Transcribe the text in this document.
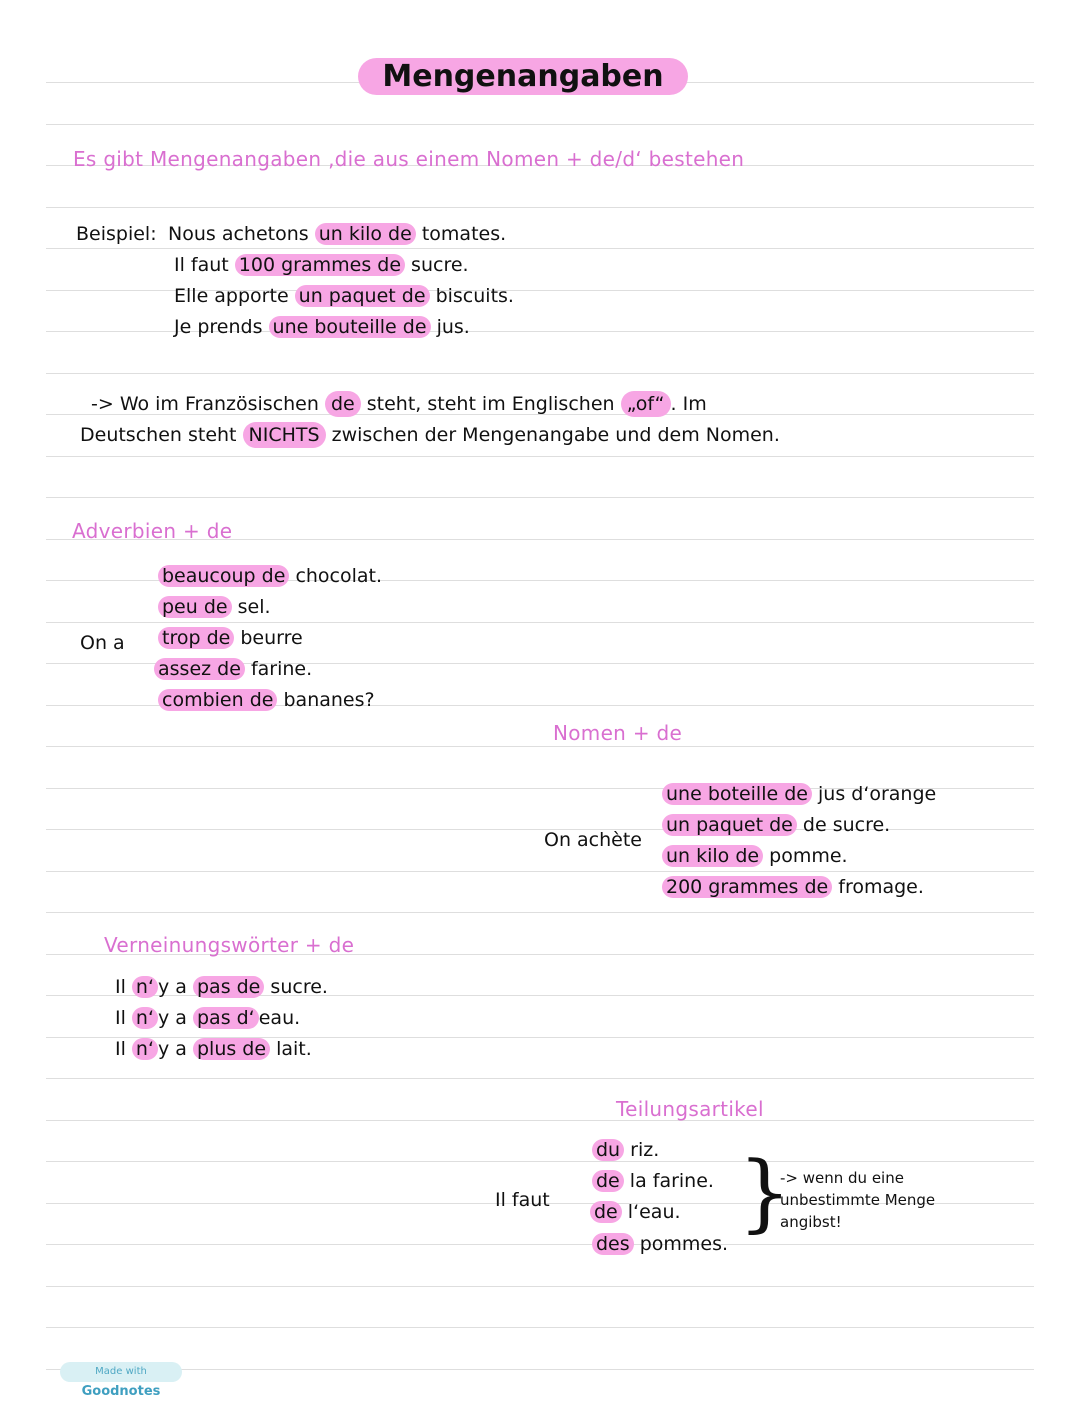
Mengenangaben
Es gibt Mengenangaben ‚die aus einem Nomen + de/d‘ bestehen
Beispiel: Nous achetons un kilo de tomates.
Il faut 100 grammes de sucre.
Elle apporte un paquet de biscuits.
Je prends une bouteille de jus.
-> Wo im Französischen de steht, steht im Englischen „of“ . Im
Deutschen steht NICHTS zwischen der Mengenangabe und dem Nomen.
Adverbien + de
On a
beaucoup de chocolat.
peu de sel.
trop de beurre
assez de farine.
combien de bananes?
Nomen + de
On achète
une boteille de jus d‘orange
un paquet de de sucre.
un kilo de pomme.
200 grammes de fromage.
Verneinungswörter + de
Il n‘ y a pas de sucre.
Il n‘ y a pas d‘ eau.
Il n‘ y a plus de lait.
Teilungsartikel
Il faut
du riz.
de la farine.
de l‘eau.
des pommes.
}
-> wenn du eine
unbestimmte Menge
angibst!
Made with Goodnotes
